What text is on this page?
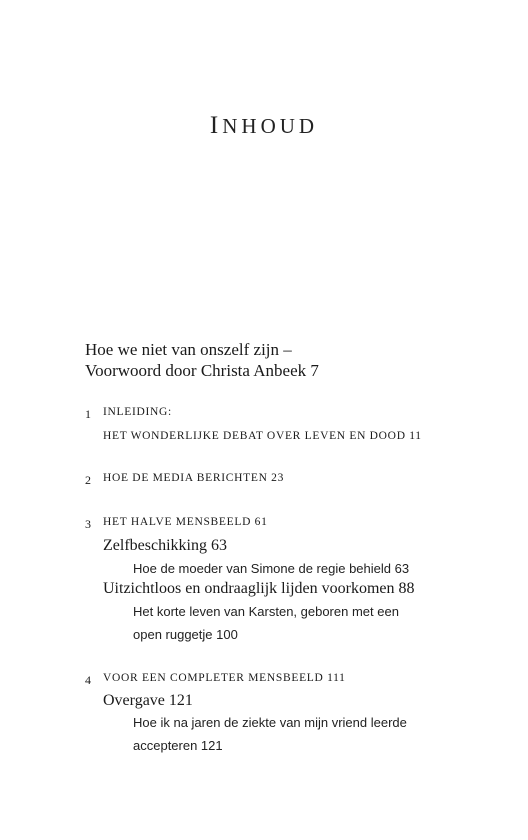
INHOUD
Hoe we niet van onszelf zijn –
Voorwoord door Christa Anbeek 7
1 INLEIDING:
HET WONDERLIJKE DEBAT OVER LEVEN EN DOOD 11
2 HOE DE MEDIA BERICHTEN 23
3 HET HALVE MENSBEELD 61
Zelfbeschikking 63
Hoe de moeder van Simone de regie behield 63
Uitzichtloos en ondraaglijk lijden voorkomen 88
Het korte leven van Karsten, geboren met een
open ruggetje 100
4 VOOR EEN COMPLETER MENSBEELD 111
Overgave 121
Hoe ik na jaren de ziekte van mijn vriend leerde
accepteren 121
